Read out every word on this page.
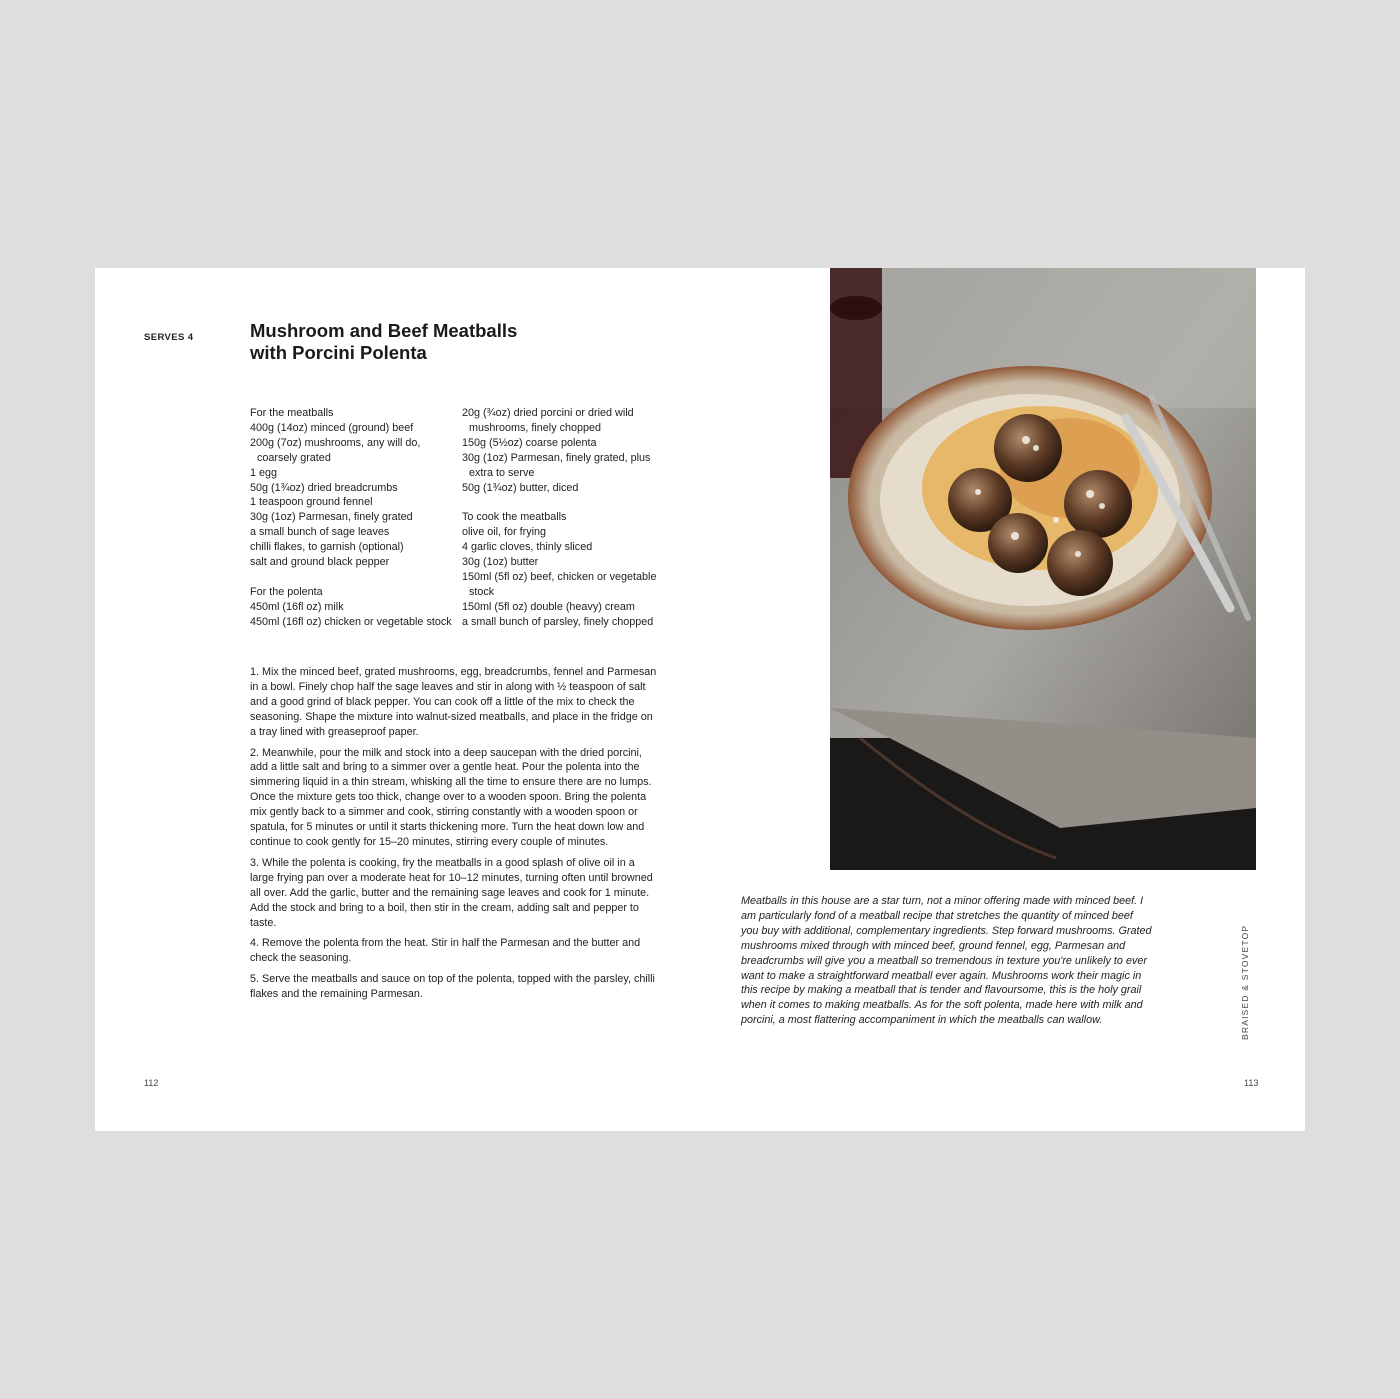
SERVES 4	Mushroom and Beef Meatballs
with Porcini Polenta
For the meatballs
400g (14oz) minced (ground) beef
200g (7oz) mushrooms, any will do, coarsely grated
1 egg
50g (1¾oz) dried breadcrumbs
1 teaspoon ground fennel
30g (1oz) Parmesan, finely grated
a small bunch of sage leaves
chilli flakes, to garnish (optional)
salt and ground black pepper
For the polenta
450ml (16fl oz) milk
450ml (16fl oz) chicken or vegetable stock
20g (¾oz) dried porcini or dried wild mushrooms, finely chopped
150g (5½oz) coarse polenta
30g (1oz) Parmesan, finely grated, plus extra to serve
50g (1¾oz) butter, diced
To cook the meatballs
olive oil, for frying
4 garlic cloves, thinly sliced
30g (1oz) butter
150ml (5fl oz) beef, chicken or vegetable stock
150ml (5fl oz) double (heavy) cream
a small bunch of parsley, finely chopped

1. Mix the minced beef, grated mushrooms, egg, breadcrumbs, fennel and Parmesan in a bowl. Finely chop half the sage leaves and stir in along with ½ teaspoon of salt and a good grind of black pepper. You can cook off a little of the mix to check the seasoning. Shape the mixture into walnut-sized meatballs, and place in the fridge on a tray lined with greaseproof paper.

2. Meanwhile, pour the milk and stock into a deep saucepan with the dried porcini, add a little salt and bring to a simmer over a gentle heat. Pour the polenta into the simmering liquid in a thin stream, whisking all the time to ensure there are no lumps. Once the mixture gets too thick, change over to a wooden spoon. Bring the polenta mix gently back to a simmer and cook, stirring constantly with a wooden spoon or spatula, for 5 minutes or until it starts thickening more. Turn the heat down low and continue to cook gently for 15–20 minutes, stirring every couple of minutes.

3. While the polenta is cooking, fry the meatballs in a good splash of olive oil in a large frying pan over a moderate heat for 10–12 minutes, turning often until browned all over. Add the garlic, butter and the remaining sage leaves and cook for 1 minute. Add the stock and bring to a boil, then stir in the cream, adding salt and pepper to taste.

4. Remove the polenta from the heat. Stir in half the Parmesan and the butter and check the seasoning.

5. Serve the meatballs and sauce on top of the polenta, topped with the parsley, chilli flakes and the remaining Parmesan.

112

Meatballs in this house are a star turn, not a minor offering made with minced beef. I am particularly fond of a meatball recipe that stretches the quantity of minced beef you buy with additional, complementary ingredients. Step forward mushrooms. Grated mushrooms mixed through with minced beef, ground fennel, egg, Parmesan and breadcrumbs will give you a meatball so tremendous in texture you're unlikely to ever want to make a straightforward meatball ever again. Mushrooms work their magic in this recipe by making a meatball that is tender and flavoursome, this is the holy grail when it comes to making meatballs. As for the soft polenta, made here with milk and porcini, a most flattering accompaniment in which the meatballs can wallow.	BRAISED & STOVETOP
113
